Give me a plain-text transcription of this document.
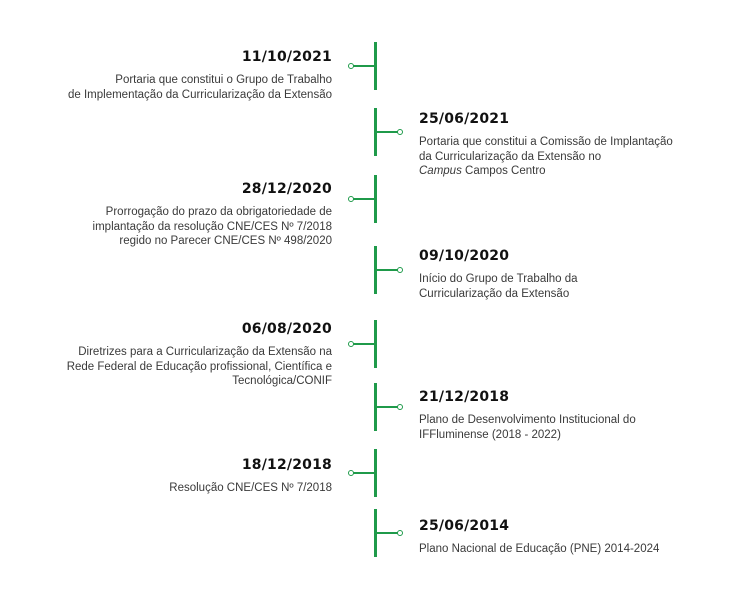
11/10/2021
Portaria que constitui o Grupo de Trabalho
de Implementação da Curricularização da Extensão
25/06/2021
Portaria que constitui a Comissão de Implantação
da Curricularização da Extensão no
Campus Campos Centro
28/12/2020
Prorrogação do prazo da obrigatoriedade de
implantação da resolução CNE/CES Nº 7/2018
regido no Parecer CNE/CES Nº 498/2020
09/10/2020
Início do Grupo de Trabalho da
Curricularização da Extensão
06/08/2020
Diretrizes para a Curricularização da Extensão na
Rede Federal de Educação profissional, Científica e
Tecnológica/CONIF
21/12/2018
Plano de Desenvolvimento Institucional do
IFFluminense (2018 - 2022)
18/12/2018
Resolução CNE/CES Nº 7/2018
25/06/2014
Plano Nacional de Educação (PNE) 2014-2024
